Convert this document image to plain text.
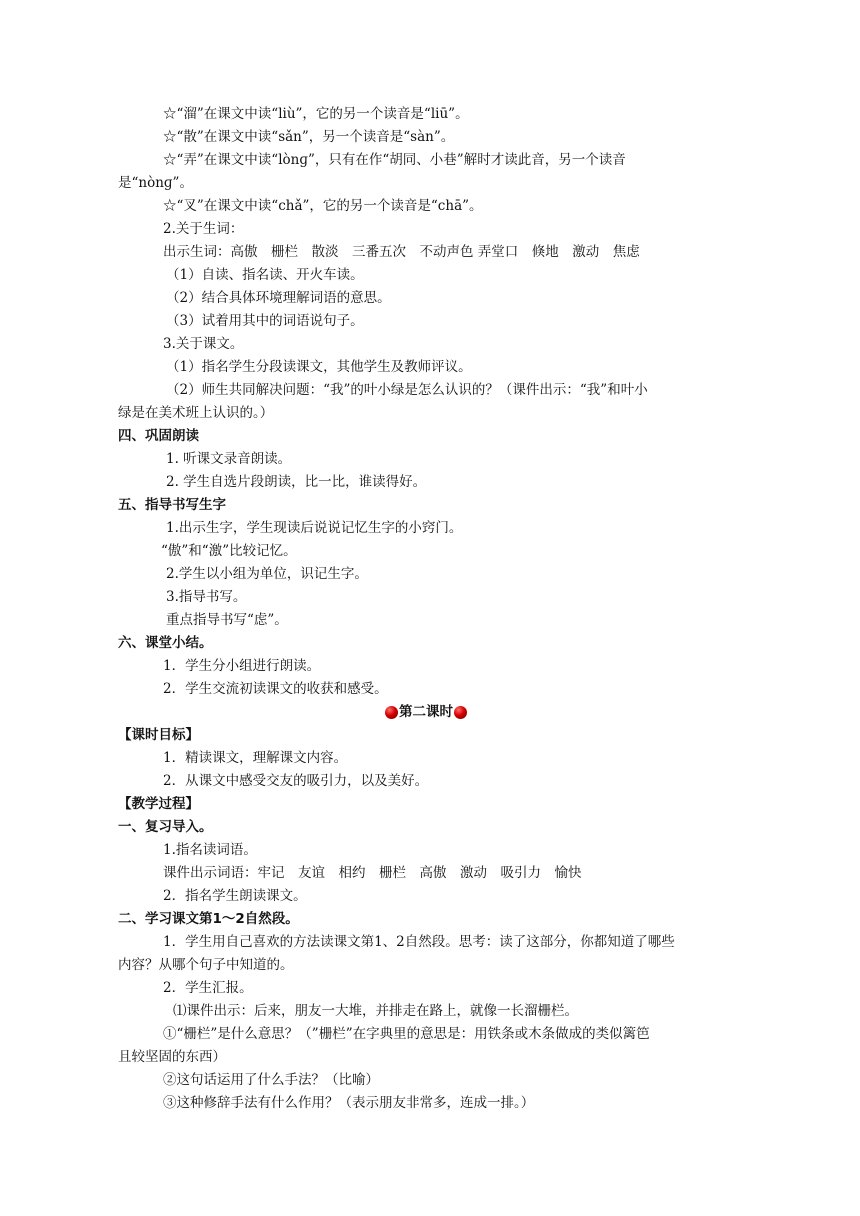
☆“溜”在课文中读“liù”，它的另一个读音是“liū”。
☆“散”在课文中读“sǎn”，另一个读音是“sàn”。
☆“弄”在课文中读“lònɡ”，只有在作“胡同、小巷”解时才读此音，另一个读音
是“nònɡ”。
☆“叉”在课文中读“chǎ”，它的另一个读音是“chā”。
2.关于生词：
出示生词：高傲　栅栏　散淡　三番五次　不动声色 弄堂口　倏地　激动　焦虑
（1）自读、指名读、开火车读。
（2）结合具体环境理解词语的意思。
（3）试着用其中的词语说句子。
3.关于课文。
（1）指名学生分段读课文，其他学生及教师评议。
（2）师生共同解决问题：“我”的叶小绿是怎么认识的？（课件出示：“我”和叶小
绿是在美术班上认识的。）
四、巩固朗读
1. 听课文录音朗读。
2. 学生自选片段朗读，比一比，谁读得好。
五、指导书写生字
1.出示生字，学生现读后说说记忆生字的小窍门。
“傲”和“激”比较记忆。
2.学生以小组为单位，识记生字。
3.指导书写。
重点指导书写“虑”。
六、课堂小结。
1．学生分小组进行朗读。
2．学生交流初读课文的收获和感受。
第二课时
【课时目标】
1．精读课文，理解课文内容。
2．从课文中感受交友的吸引力，以及美好。
【教学过程】
一、复习导入。
1.指名读词语。
课件出示词语：牢记　友谊　相约　栅栏　高傲　激动　吸引力　愉快
2．指名学生朗读课文。
二、学习课文第1～2自然段。
1．学生用自己喜欢的方法读课文第1、2自然段。思考：读了这部分，你都知道了哪些
内容？从哪个句子中知道的。
2．学生汇报。
⑴课件出示：后来，朋友一大堆，并排走在路上，就像一长溜栅栏。
①“栅栏”是什么意思？（”栅栏”在字典里的意思是：用铁条或木条做成的类似篱笆
且较坚固的东西）
②这句话运用了什么手法？（比喻）
③这种修辞手法有什么作用？（表示朋友非常多，连成一排。）
